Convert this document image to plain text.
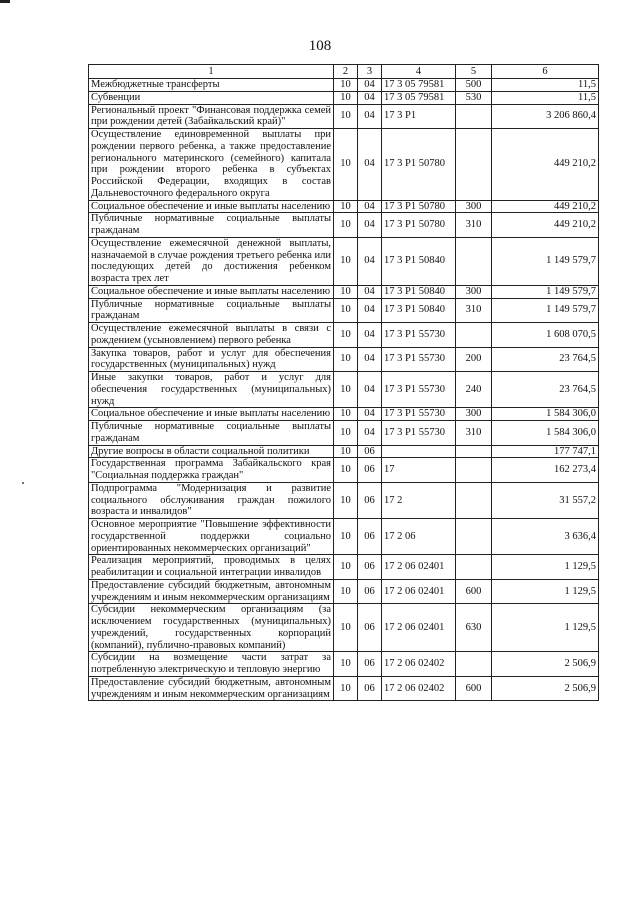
108
1	2	3	4	5	6
Межбюджетные трансферты	10	04	17 3 05 79581	500	11,5
Субвенции	10	04	17 3 05 79581	530	11,5
Региональный проект "Финансовая поддержка семей при рождении детей (Забайкальский край)"	10	04	17 3 P1		3 206 860,4
Осуществление единовременной выплаты при рождении первого ребенка, а также предоставление регионального материнского (семейного) капитала при рождении второго ребенка в субъектах Российской Федерации, входящих в состав Дальневосточного федерального округа	10	04	17 3 P1 50780		449 210,2
Социальное обеспечение и иные выплаты населению	10	04	17 3 P1 50780	300	449 210,2
Публичные нормативные социальные выплаты гражданам	10	04	17 3 P1 50780	310	449 210,2
Осуществление ежемесячной денежной выплаты, назначаемой в случае рождения третьего ребенка или последующих детей до достижения ребенком возраста трех лет	10	04	17 3 P1 50840		1 149 579,7
Социальное обеспечение и иные выплаты населению	10	04	17 3 P1 50840	300	1 149 579,7
Публичные нормативные социальные выплаты гражданам	10	04	17 3 P1 50840	310	1 149 579,7
Осуществление ежемесячной выплаты в связи с рождением (усыновлением) первого ребенка	10	04	17 3 P1 55730		1 608 070,5
Закупка товаров, работ и услуг для обеспечения государственных (муниципальных) нужд	10	04	17 3 P1 55730	200	23 764,5
Иные закупки товаров, работ и услуг для обеспечения государственных (муниципальных) нужд	10	04	17 3 P1 55730	240	23 764,5
Социальное обеспечение и иные выплаты населению	10	04	17 3 P1 55730	300	1 584 306,0
Публичные нормативные социальные выплаты гражданам	10	04	17 3 P1 55730	310	1 584 306,0
Другие вопросы в области социальной политики	10	06			177 747,1
Государственная программа Забайкальского края "Социальная поддержка граждан"	10	06	17		162 273,4
Подпрограмма "Модернизация и развитие социального обслуживания граждан пожилого возраста и инвалидов"	10	06	17 2		31 557,2
Основное мероприятие "Повышение эффективности государственной поддержки социально ориентированных некоммерческих организаций"	10	06	17 2 06		3 636,4
Реализация мероприятий, проводимых в целях реабилитации и социальной интеграции инвалидов	10	06	17 2 06 02401		1 129,5
Предоставление субсидий бюджетным, автономным учреждениям и иным некоммерческим организациям	10	06	17 2 06 02401	600	1 129,5
Субсидии некоммерческим организациям (за исключением государственных (муниципальных) учреждений, государственных корпораций (компаний), публично-правовых компаний)	10	06	17 2 06 02401	630	1 129,5
Субсидии на возмещение части затрат за потребленную электрическую и тепловую энергию	10	06	17 2 06 02402		2 506,9
Предоставление субсидий бюджетным, автономным учреждениям и иным некоммерческим организациям	10	06	17 2 06 02402	600	2 506,9
